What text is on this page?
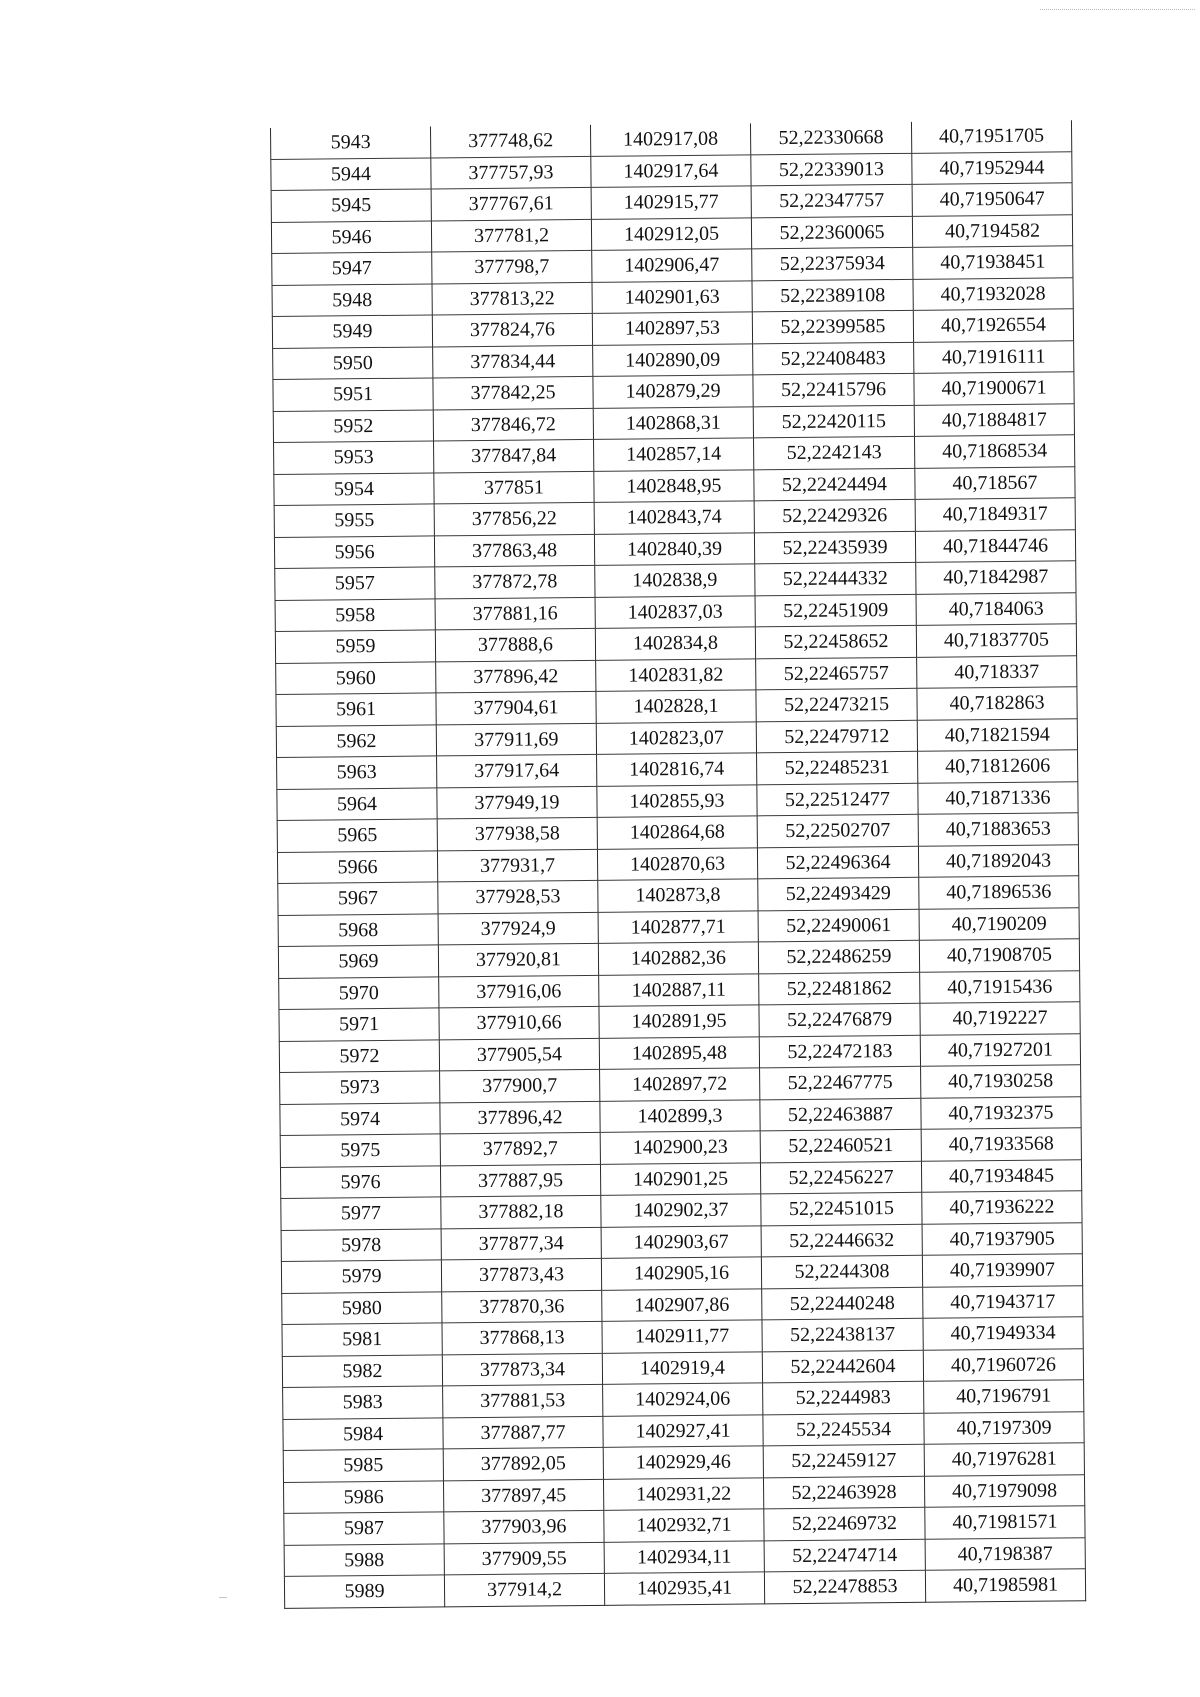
5943	377748,62	1402917,08	52,22330668	40,71951705
5944	377757,93	1402917,64	52,22339013	40,71952944
5945	377767,61	1402915,77	52,22347757	40,71950647
5946	377781,2	1402912,05	52,22360065	40,7194582
5947	377798,7	1402906,47	52,22375934	40,71938451
5948	377813,22	1402901,63	52,22389108	40,71932028
5949	377824,76	1402897,53	52,22399585	40,71926554
5950	377834,44	1402890,09	52,22408483	40,71916111
5951	377842,25	1402879,29	52,22415796	40,71900671
5952	377846,72	1402868,31	52,22420115	40,71884817
5953	377847,84	1402857,14	52,2242143	40,71868534
5954	377851	1402848,95	52,22424494	40,718567
5955	377856,22	1402843,74	52,22429326	40,71849317
5956	377863,48	1402840,39	52,22435939	40,71844746
5957	377872,78	1402838,9	52,22444332	40,71842987
5958	377881,16	1402837,03	52,22451909	40,7184063
5959	377888,6	1402834,8	52,22458652	40,71837705
5960	377896,42	1402831,82	52,22465757	40,718337
5961	377904,61	1402828,1	52,22473215	40,7182863
5962	377911,69	1402823,07	52,22479712	40,71821594
5963	377917,64	1402816,74	52,22485231	40,71812606
5964	377949,19	1402855,93	52,22512477	40,71871336
5965	377938,58	1402864,68	52,22502707	40,71883653
5966	377931,7	1402870,63	52,22496364	40,71892043
5967	377928,53	1402873,8	52,22493429	40,71896536
5968	377924,9	1402877,71	52,22490061	40,7190209
5969	377920,81	1402882,36	52,22486259	40,71908705
5970	377916,06	1402887,11	52,22481862	40,71915436
5971	377910,66	1402891,95	52,22476879	40,7192227
5972	377905,54	1402895,48	52,22472183	40,71927201
5973	377900,7	1402897,72	52,22467775	40,71930258
5974	377896,42	1402899,3	52,22463887	40,71932375
5975	377892,7	1402900,23	52,22460521	40,71933568
5976	377887,95	1402901,25	52,22456227	40,71934845
5977	377882,18	1402902,37	52,22451015	40,71936222
5978	377877,34	1402903,67	52,22446632	40,71937905
5979	377873,43	1402905,16	52,2244308	40,71939907
5980	377870,36	1402907,86	52,22440248	40,71943717
5981	377868,13	1402911,77	52,22438137	40,71949334
5982	377873,34	1402919,4	52,22442604	40,71960726
5983	377881,53	1402924,06	52,2244983	40,7196791
5984	377887,77	1402927,41	52,2245534	40,7197309
5985	377892,05	1402929,46	52,22459127	40,71976281
5986	377897,45	1402931,22	52,22463928	40,71979098
5987	377903,96	1402932,71	52,22469732	40,71981571
5988	377909,55	1402934,11	52,22474714	40,7198387
5989	377914,2	1402935,41	52,22478853	40,71985981
